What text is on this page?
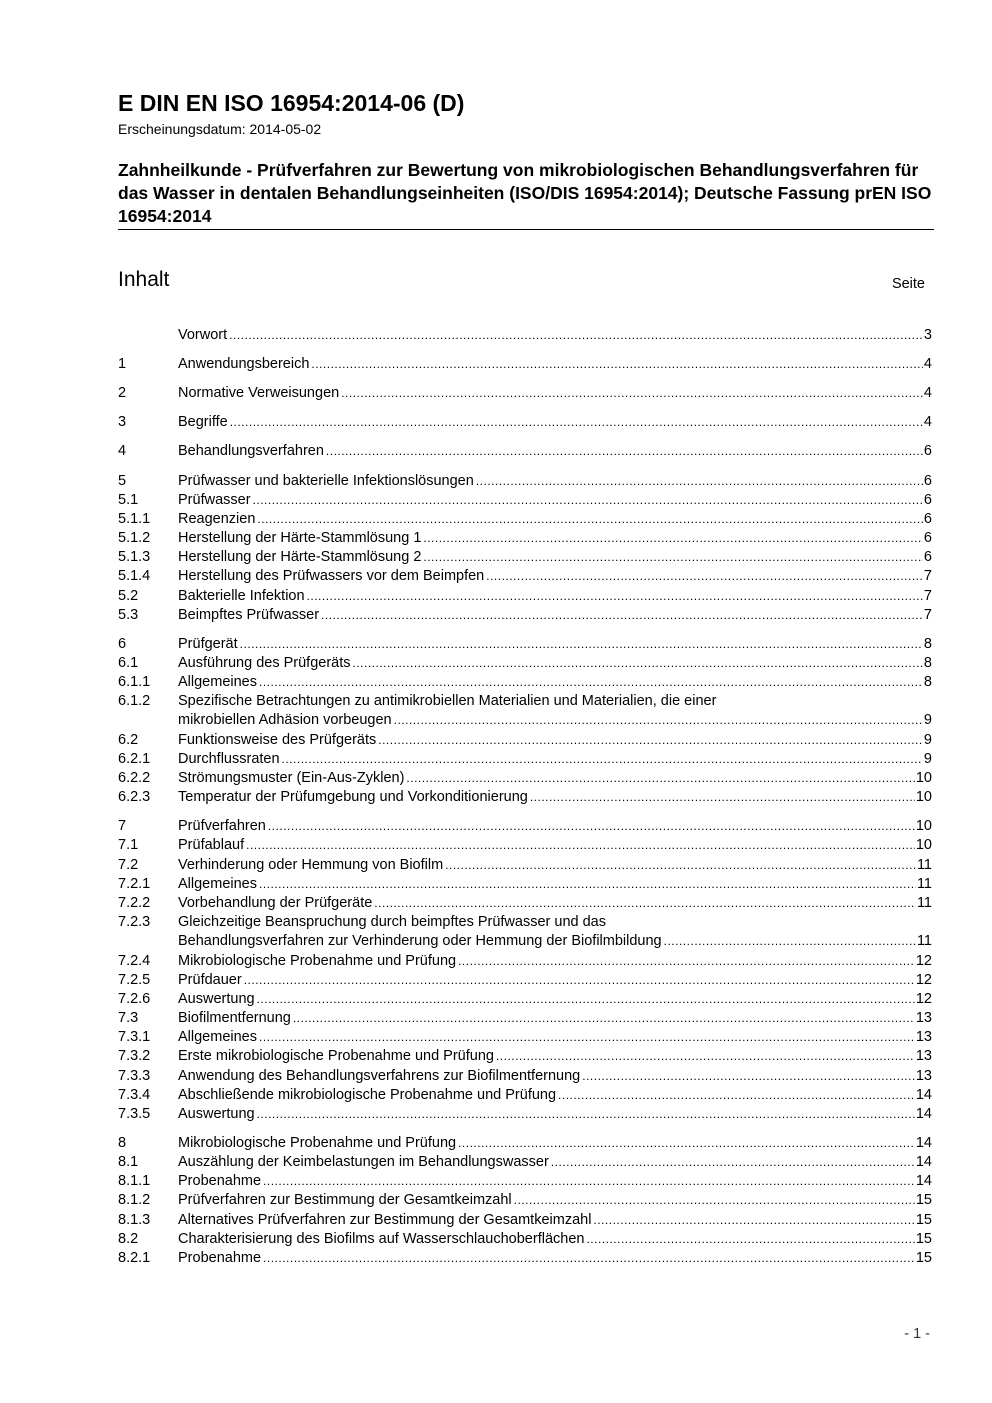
E DIN EN ISO 16954:2014-06 (D)
Erscheinungsdatum: 2014-05-02
Zahnheilkunde - Prüfverfahren zur Bewertung von mikrobiologischen Behandlungsverfahren für das Wasser in dentalen Behandlungseinheiten (ISO/DIS 16954:2014); Deutsche Fassung prEN ISO 16954:2014
Inhalt	Seite
Vorwort .....	3
1	Anwendungsbereich .....	4
2	Normative Verweisungen .....	4
3	Begriffe .....	4
4	Behandlungsverfahren .....	6
5	Prüfwasser und bakterielle Infektionslösungen .....	6
5.1	Prüfwasser .....	6
5.1.1 Reagenzien .....	6
5.1.2 Herstellung der Härte-Stammlösung 1 .....	6
5.1.3 Herstellung der Härte-Stammlösung 2 .....	6
5.1.4 Herstellung des Prüfwassers vor dem Beimpfen .....	7
5.2	Bakterielle Infektion .....	7
5.3	Beimpftes Prüfwasser .....	7
6	Prüfgerät .....	8
6.1	Ausführung des Prüfgeräts .....	8
6.1.1 Allgemeines .....	8
6.1.2 Spezifische Betrachtungen zu antimikrobiellen Materialien und Materialien, die einer
mikrobiellen Adhäsion vorbeugen .....	9
6.2	Funktionsweise des Prüfgeräts .....	9
6.2.1 Durchflussraten .....	9
6.2.2 Strömungsmuster (Ein-Aus-Zyklen) .....	10
6.2.3 Temperatur der Prüfumgebung und Vorkonditionierung .....	10
7	Prüfverfahren .....	10
7.1	Prüfablauf .....	10
7.2	Verhinderung oder Hemmung von Biofilm .....	11
7.2.1 Allgemeines .....	11
7.2.2 Vorbehandlung der Prüfgeräte .....	11
7.2.3 Gleichzeitige Beanspruchung durch beimpftes Prüfwasser und das
Behandlungsverfahren zur Verhinderung oder Hemmung der Biofilmbildung .....	11
7.2.4 Mikrobiologische Probenahme und Prüfung .....	12
7.2.5 Prüfdauer .....	12
7.2.6 Auswertung .....	12
7.3	Biofilmentfernung .....	13
7.3.1 Allgemeines .....	13
7.3.2 Erste mikrobiologische Probenahme und Prüfung .....	13
7.3.3 Anwendung des Behandlungsverfahrens zur Biofilmentfernung .....	13
7.3.4 Abschließende mikrobiologische Probenahme und Prüfung .....	14
7.3.5 Auswertung .....	14
8	Mikrobiologische Probenahme und Prüfung .....	14
8.1	Auszählung der Keimbelastungen im Behandlungswasser .....	14
8.1.1 Probenahme .....	14
8.1.2 Prüfverfahren zur Bestimmung der Gesamtkeimzahl .....	15
8.1.3 Alternatives Prüfverfahren zur Bestimmung der Gesamtkeimzahl .....	15
8.2	Charakterisierung des Biofilms auf Wasserschlauchoberflächen .....	15
8.2.1 Probenahme .....	15
- 1 -
